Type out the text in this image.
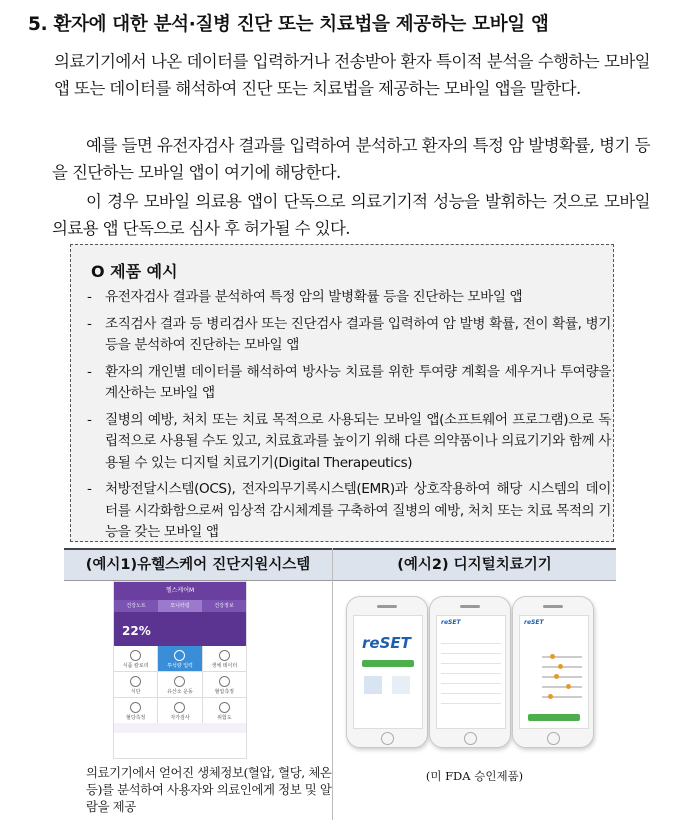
5. 환자에 대한 분석·질병 진단 또는 치료법을 제공하는 모바일 앱
의료기기에서 나온 데이터를 입력하거나 전송받아 환자 특이적 분석을 수행하는 모바일 앱 또는 데이터를 해석하여 진단 또는 치료법을 제공하는 모바일 앱을 말한다.
예를 들면 유전자검사 결과를 입력하여 분석하고 환자의 특정 암 발병확률, 병기 등을 진단하는 모바일 앱이 여기에 해당한다.
이 경우 모바일 의료용 앱이 단독으로 의료기기적 성능을 발휘하는 것으로 모바일 의료용 앱 단독으로 심사 후 허가될 수 있다.
O 제품 예시
- 유전자검사 결과를 분석하여 특정 암의 발병확률 등을 진단하는 모바일 앱
- 조직검사 결과 등 병리검사 또는 진단검사 결과를 입력하여 암 발병 확률, 전이 확률, 병기 등을 분석하여 진단하는 모바일 앱
- 환자의 개인별 데이터를 해석하여 방사능 치료를 위한 투여량 계획을 세우거나 투여량을 계산하는 모바일 앱
- 질병의 예방, 처치 또는 치료 목적으로 사용되는 모바일 앱(소프트웨어 프로그램)으로 독립적으로 사용될 수도 있고, 치료효과를 높이기 위해 다른 의약품이나 의료기기와 함께 사용될 수 있는 디지털 치료기기(Digital Therapeutics)
- 처방전달시스템(OCS), 전자의무기록시스템(EMR)과 상호작용하여 해당 시스템의 데이터를 시각화함으로써 임상적 감시체계를 구축하여 질병의 예방, 처치 또는 치료 목적의 기능을 갖는 모바일 앱
(예시1)유헬스케어 진단지원시스템	(예시2) 디지털치료기기
헬스케어M
건강노트	모니터링	건강정보
22%
식품 칼로리	투석량 입력	생체 데이터
식단	유산소 운동	혈압측정
혈당측정	자가검사	위험도
reSET
reSET	reSET
의료기기에서 얻어진 생체정보(혈압, 혈당, 체온 등)를 분석하여 사용자와 의료인에게 정보 및 알람을 제공
(미 FDA 승인제품)
